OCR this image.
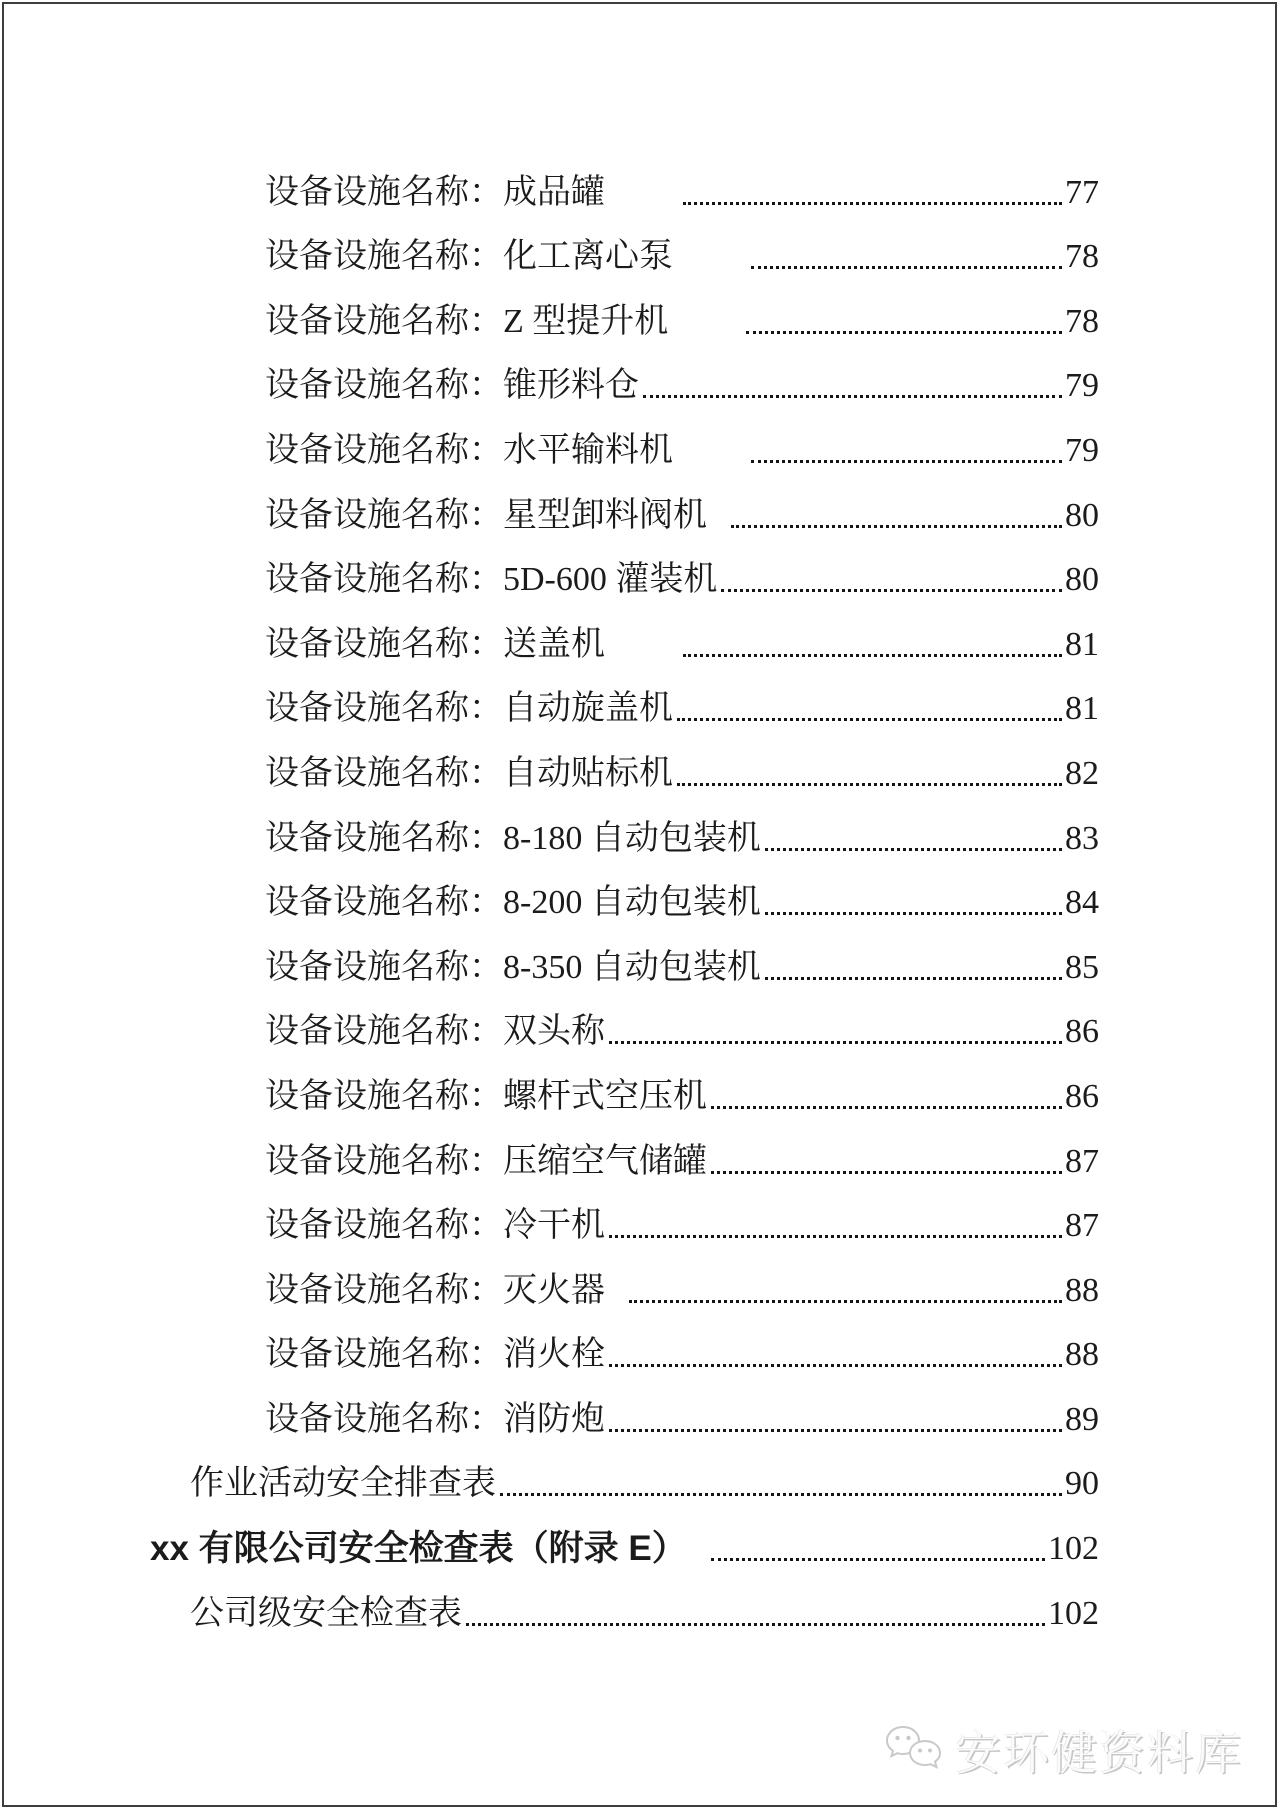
设备设施名称：成品罐	77
设备设施名称：化工离心泵	78
设备设施名称：Z 型提升机	78
设备设施名称：锥形料仓	79
设备设施名称：水平输料机	79
设备设施名称：星型卸料阀机	80
设备设施名称：5D-600 灌装机	80
设备设施名称：送盖机	81
设备设施名称：自动旋盖机	81
设备设施名称：自动贴标机	82
设备设施名称：8-180 自动包装机	83
设备设施名称：8-200 自动包装机	84
设备设施名称：8-350 自动包装机	85
设备设施名称：双头称	86
设备设施名称：螺杆式空压机	86
设备设施名称：压缩空气储罐	87
设备设施名称：冷干机	87
设备设施名称：灭火器	88
设备设施名称：消火栓	88
设备设施名称：消防炮	89
作业活动安全排查表	90
xx 有限公司安全检查表（附录 E）	102
公司级安全检查表	102
安环健资料库
